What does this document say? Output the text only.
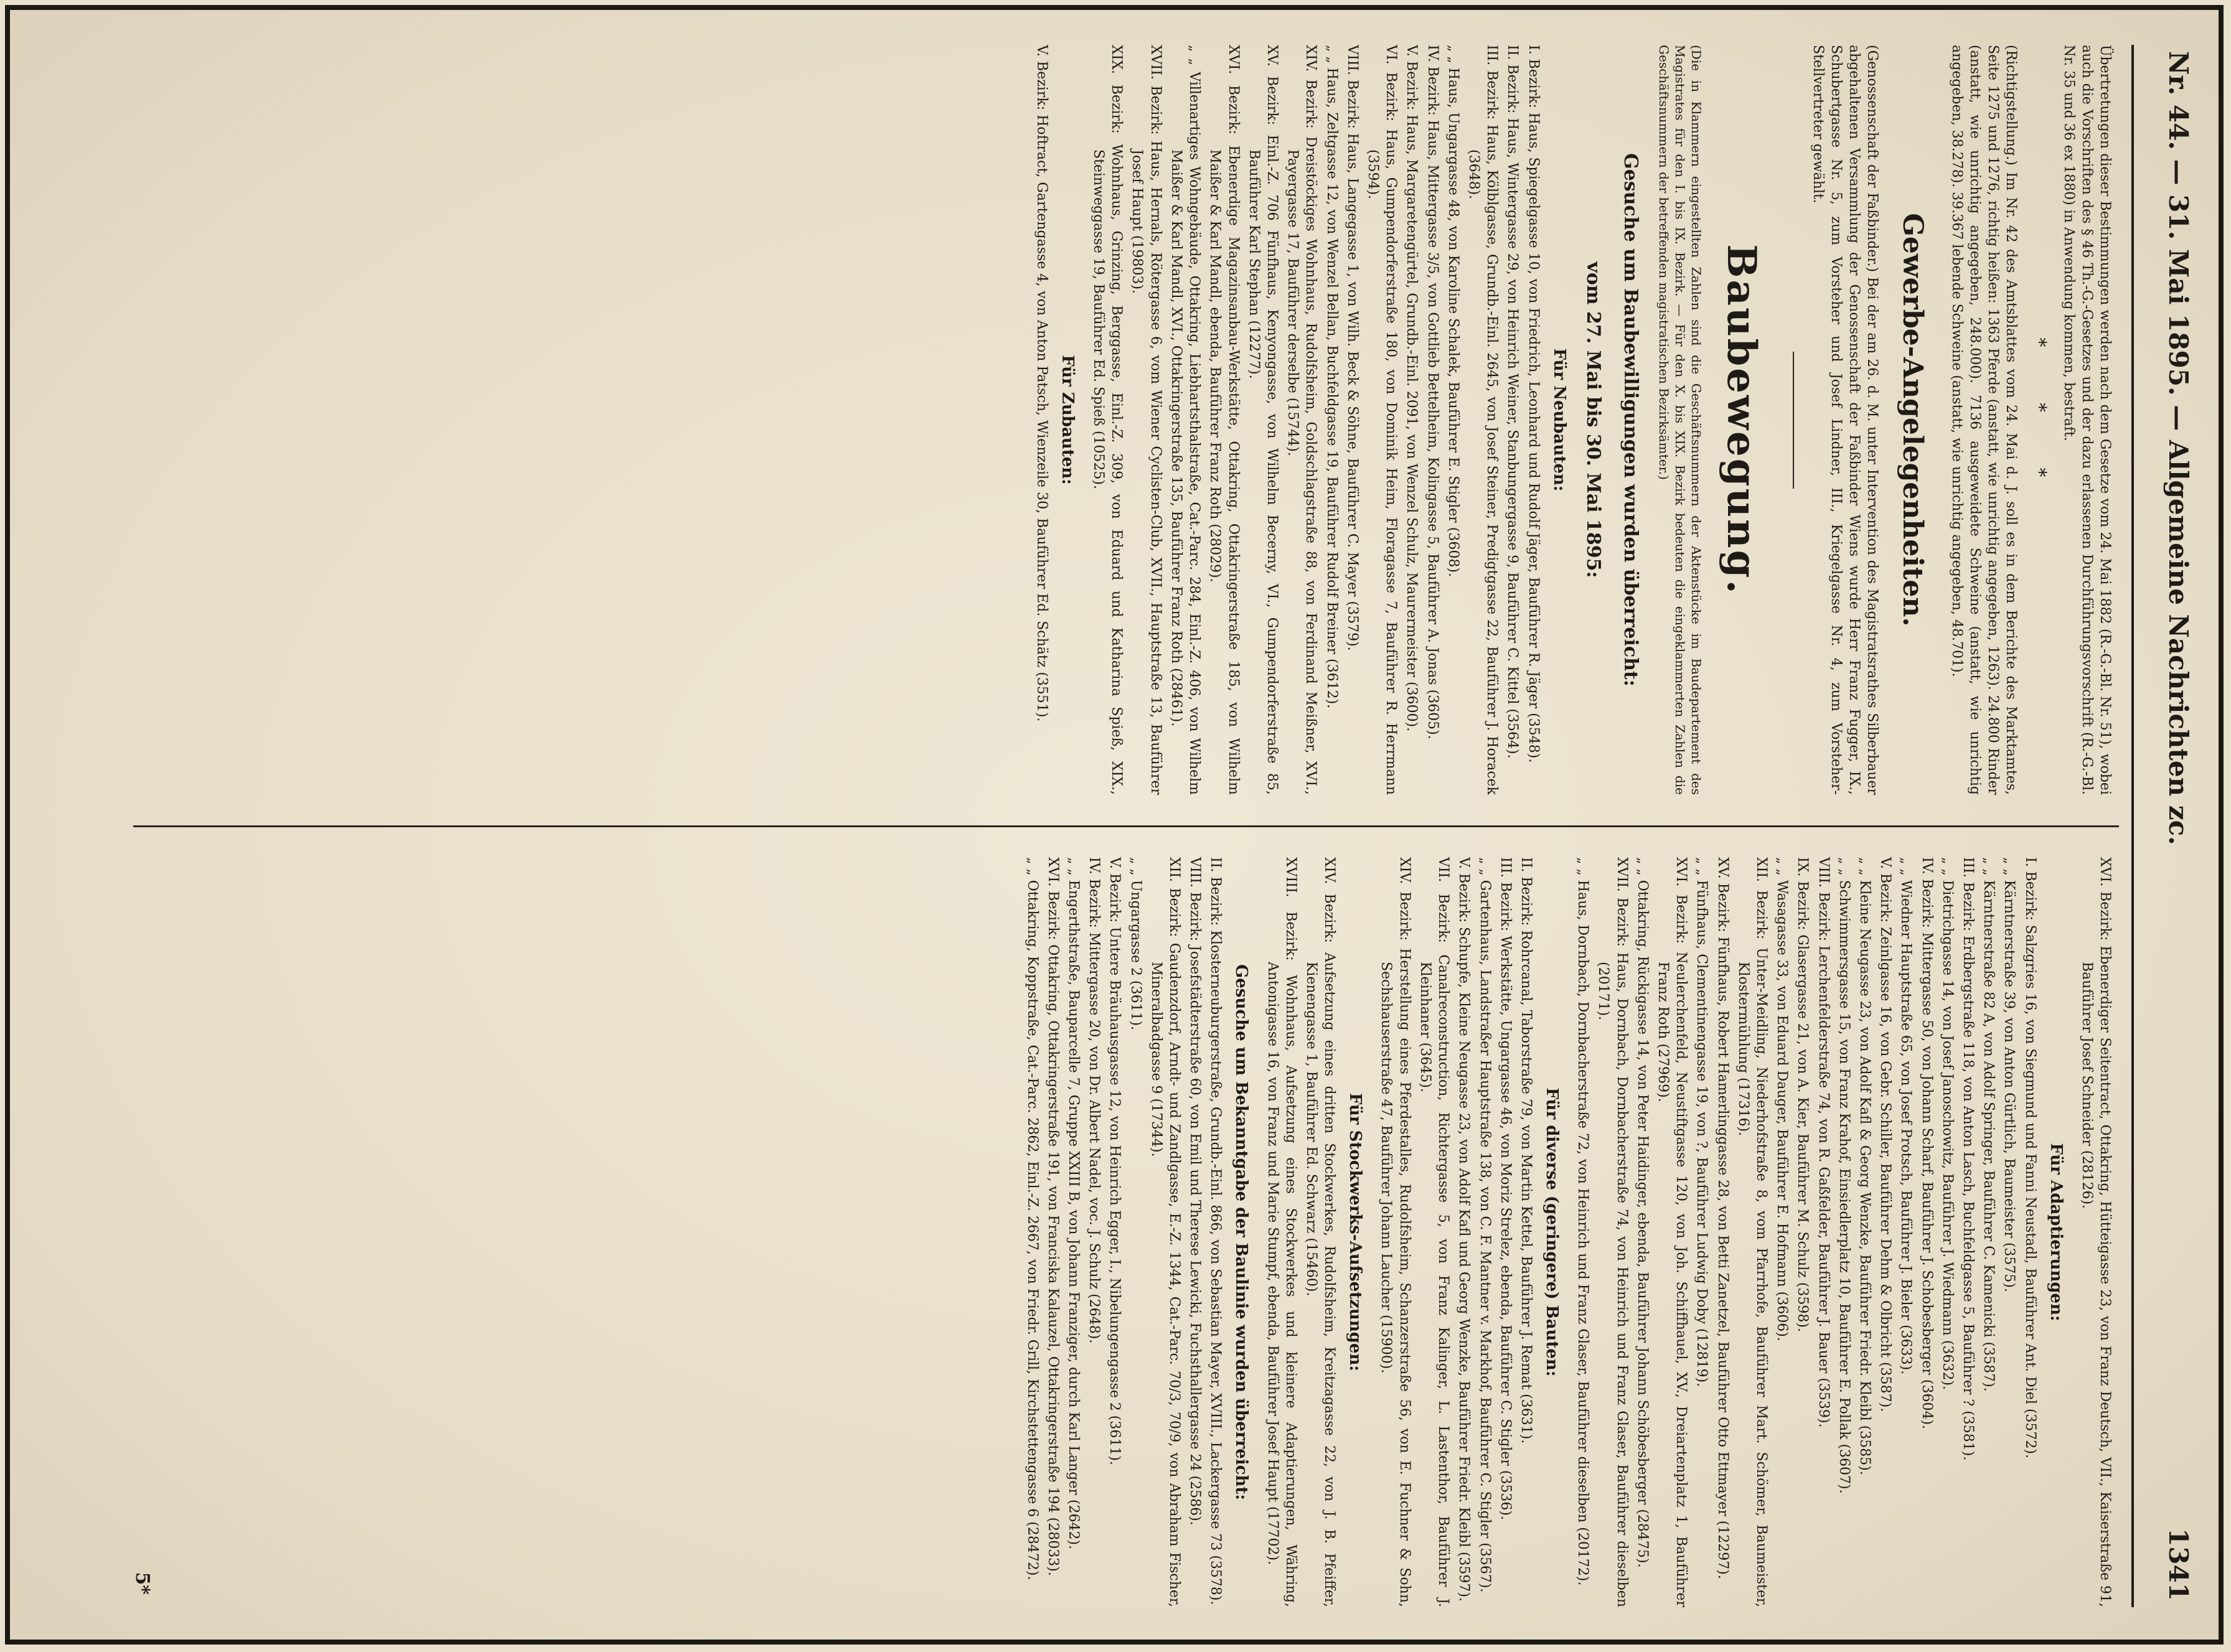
Nr. 44. — 31. Mai 1895. — Allgemeine Nachrichten zc.
1341

Übertretungen dieser Bestimmungen werden nach dem Gesetze vom 24. Mai 1882 (R.-G.-Bl. Nr. 51), wobei auch die Vorschriften des § 46 Th.-G.-Gesetzes und der dazu erlassenen Durchführungsvorschrift (R.-G.-Bl. Nr. 35 und 36 ex 1880) in Anwendung kommen, bestraft.

* * *

(Richtigstellung.) Im Nr. 42 des Amtsblattes vom 24. Mai d. J. soll es in dem Berichte des Marktamtes, Seite 1275 und 1276, richtig heißen: 1363 Pferde (anstatt, wie unrichtig angegeben, 1263). 24.800 Rinder (anstatt, wie unrichtig angegeben, 248.000). 7136 ausgeweidete Schweine (anstatt, wie unrichtig angegeben, 38.278). 39.367 lebende Schweine (anstatt, wie unrichtig angegeben, 48.701).

Gewerbe-Angelegenheiten.

(Genossenschaft der Faßbinder.) Bei der am 26. d. M. unter Intervention des Magistratsrathes Silberbauer abgehaltenen Versammlung der Genossenschaft der Faßbinder Wiens wurde Herr Franz Fugger, IX., Schubertgasse Nr. 5, zum Vorsteher und Josef Lindner, III., Kriegelgasse Nr. 4, zum Vorsteher-Stellvertreter gewählt.

Baubewegung.

(Die in Klammern eingestellten Zahlen sind die Geschäftsnummern der Aktenstücke im Baudepartement des Magistrates für den I. bis IX. Bezirk. — Für den X. bis XIX. Bezirk bedeuten die eingeklammerten Zahlen die Geschäftsnummern der betreffenden magistratischen Bezirksämter.)

Gesuche um Baubewilligungen wurden überreicht:
vom 27. Mai bis 30. Mai 1895:
Für Neubauten:

I. Bezirk: Haus, Spiegelgasse 10, von Friedrich, Leonhard und Rudolf Jäger, Bauführer R. Jäger (3548).

II. Bezirk: Haus, Wintergasse 29, von Heinrich Weiner, Stanbungergasse 9, Bauführer C. Kittel (3564).

III. Bezirk: Haus, Kölblgasse, Grundb.-Einl. 2645, von Josef Steiner, Predigtgasse 22, Bauführer J. Horacek (3648).

„ „ Haus, Ungargasse 48, von Karoline Schalek, Bauführer E. Stigler (3608).

IV. Bezirk: Haus, Mittergasse 3/5, von Gottlieb Bettelheim, Kolingasse 5, Bauführer A. Jonas (3605).

V. Bezirk: Haus, Margaretengürtel, Grundb.-Einl. 2091, von Wenzel Schulz, Maurermeister (3600).

VI. Bezirk: Haus, Gumpendorferstraße 180, von Dominik Heim, Floragasse 7, Bauführer R. Herrmann (3594).

VIII. Bezirk: Haus, Langegasse 1, von Wilh. Beck & Söhne, Bauführer C. Mayer (3579).

„ „ Haus, Zeltgasse 12, von Wenzel Bellan, Buchfeldgasse 19, Bauführer Rudolf Breiner (3612).

XIV. Bezirk: Dreistöckiges Wohnhaus, Rudolfsheim, Goldschlagstraße 88, von Ferdinand Meißner, XVI., Payergasse 17, Bauführer derselbe (15744).

XV. Bezirk: Einl.-Z. 706 Fünfhaus, Kenyongasse, von Wilhelm Becerny, VI., Gumpendorferstraße 85, Bauführer Karl Stephan (12277).

XVI. Bezirk: Ebenerdige Magazinsanbau-Werkstätte, Ottakring, Ottakringerstraße 185, von Wilhelm Maißer & Karl Mandl, ebenda, Bauführer Franz Roth (28029).

„ „ Villenartiges Wohngebäude, Ottakring, Liebhartsthalstraße, Cat.-Parc. 284, Einl.-Z. 406, von Wilhelm Maißer & Karl Mandl, XVI., Ottakringerstraße 135, Bauführer Franz Roth (28461).

XVII. Bezirk: Haus, Hernals, Rötergasse 6, vom Wiener Cyclisten-Club, XVII., Hauptstraße 13, Bauführer Josef Haupt (19803).

XIX. Bezirk: Wohnhaus, Grinzing, Berggasse, Einl.-Z. 309, von Eduard und Katharina Spieß, XIX., Steinweggasse 19, Bauführer Ed. Spieß (10525).

Für Zubauten:

V. Bezirk: Hoftract, Gartengasse 4, von Anton Patsch, Wienzeile 30, Bauführer Ed. Schätz (3551).

XVI. Bezirk: Ebenerdiger Seitentract, Ottakring, Hütteigasse 23, von Franz Deutsch, VII., Kaiserstraße 91, Bauführer Josef Schneider (28126).

Für Adaptierungen:

I. Bezirk: Salzgries 16, von Siegmund und Fanni Neustadl, Bauführer Ant. Diel (3572).

„ „ Kärntnerstraße 39, von Anton Gürtlich, Baumeister (3575).

„ „ Kärntnerstraße 82 A, von Adolf Springer, Bauführer C. Kamenicki (3587).

III. Bezirk: Erdbergstraße 118, von Anton Lasch, Buchfeldgasse 5, Bauführer ? (3581).

„ „ Dietrichgasse 14, von Josef Janoschowitz, Bauführer J. Wiedmann (3632).

IV. Bezirk: Mittergasse 50, von Johann Scharf, Bauführer J. Schobesberger (3604).

„ „ Wiedner Hauptstraße 65, von Josef Protsch, Bauführer J. Bieler (3633).

V. Bezirk: Zeinlgasse 16, von Gebr. Schiller, Bauführer Dehm & Olbricht (3587).

„ „ Kleine Neugasse 23, von Adolf Kafl & Georg Wenzke, Bauführer Friedr. Kleibl (3585).

„ „ Schwimmersgasse 15, von Franz Krahof, Einsiedlerplatz 10, Bauführer E. Pollak (3607).

VIII. Bezirk: Lerchenfelderstraße 74, von R. Gaßfelder, Bauführer J. Bauer (3539).

IX. Bezirk: Glasergasse 21, von A. Kier, Bauführer M. Schulz (3598).

„ „ Wasagasse 33, von Eduard Dauger, Bauführer E. Hofmann (3606).

XII. Bezirk: Unter-Meidling, Niederhofstraße 8, vom Pfarrhofe, Bauführer Mart. Schömer, Baumeister, Klostermühlung (17316).

XV. Bezirk: Fünfhaus, Robert Hamerlinggasse 28, von Betti Zanetzel, Bauführer Otto Ettmayer (12297).

„ „ Fünfhaus, Clementinengasse 19, von ?, Bauführer Ludwig Doby (12819).

XVI. Bezirk: Neulerchenfeld, Neustiftgasse 120, von Joh. Schiffhauel, XV., Dreiartenplatz 1, Bauführer Franz Roth (27969).

„ „ Ottakring, Rückigasse 14, von Peter Haidinger, ebenda, Bauführer Johann Schöbesberger (28475).

XVII. Bezirk: Haus, Dornbach, Dornbacherstraße 74, von Heinrich und Franz Glaser, Bauführer dieselben (20171).

„ „ Haus, Dornbach, Dornbacherstraße 72, von Heinrich und Franz Glaser, Bauführer dieselben (20172).

Für diverse (geringere) Bauten:

II. Bezirk: Rohrcanal, Taborstraße 79, von Martin Kettel, Bauführer J. Remat (3631).

III. Bezirk: Werkstätte, Ungargasse 46, von Moriz Strelez, ebenda, Bauführer C. Stigler (3536).

„ „ Gartenhaus, Landstraßer Hauptstraße 138, von C. F. Mantner v. Markhof, Bauführer C. Stigler (3567).

V. Bezirk: Schupfe, Kleine Neugasse 23, von Adolf Kafl und Georg Wenzke, Bauführer Friedr. Kleibl (3597).

VII. Bezirk: Canalreconstruction, Richtergasse 5, von Franz Kalinger, L. Lastenthor, Bauführer J. Kleinhaner (3645).

XIV. Bezirk: Herstellung eines Pferdestalles, Rudolfsheim, Schanzerstraße 56, von E. Fuchner & Sohn, Sechshauserstraße 47, Bauführer Johann Laucher (15900).

Für Stockwerks-Aufsetzungen:

XIV. Bezirk: Aufsetzung eines dritten Stockwerkes, Rudolfsheim, Kreitzagasse 22, von J. B. Pfeiffer, Kienengasse 1, Bauführer Ed. Schwarz (15460).

XVIII. Bezirk: Wohnhaus, Aufsetzung eines Stockwerkes und kleinere Adaptierungen, Währing, Antonigasse 16, von Franz und Marie Stumpf, ebenda, Bauführer Josef Haupt (17702).

Gesuche um Bekanntgabe der Baulinie wurden überreicht:

II. Bezirk: Klosterneuburgerstraße, Grundb.-Einl. 866, von Sebastian Mayer, XVIII., Lackergasse 73 (3578).

VIII. Bezirk: Josefstädterstraße 60, von Emil und Therese Lewicki, Fuchsthallergasse 24 (2586).

XII. Bezirk: Gaudenzdorf, Arndt- und Zandlgasse, E.-Z. 1344, Cat.-Parc. 70/3, 70/9, von Abraham Fischer, Mineralbadgasse 9 (17344).

„ „ Ungargasse 2 (3611).

V. Bezirk: Untere Bräuhausgasse 12, von Heinrich Egger, I., Nibelungengasse 2 (3611).

IV. Bezirk: Mittergasse 20, von Dr. Albert Nadel, voc. J. Schulz (2648).

„ „ Engerthstraße, Bauparcelle 7, Gruppe XXIII B, von Johann Franziger, durch Karl Langer (2642).

XVI. Bezirk: Ottakring, Ottakringerstraße 191, von Franciska Kalauzel, Ottakringerstraße 194 (28033).

„ „ Ottakring, Koppstraße, Cat.-Parc. 2862, Einl.-Z. 2667, von Friedr. Grill, Kirchstettengasse 6 (28472).

5*
